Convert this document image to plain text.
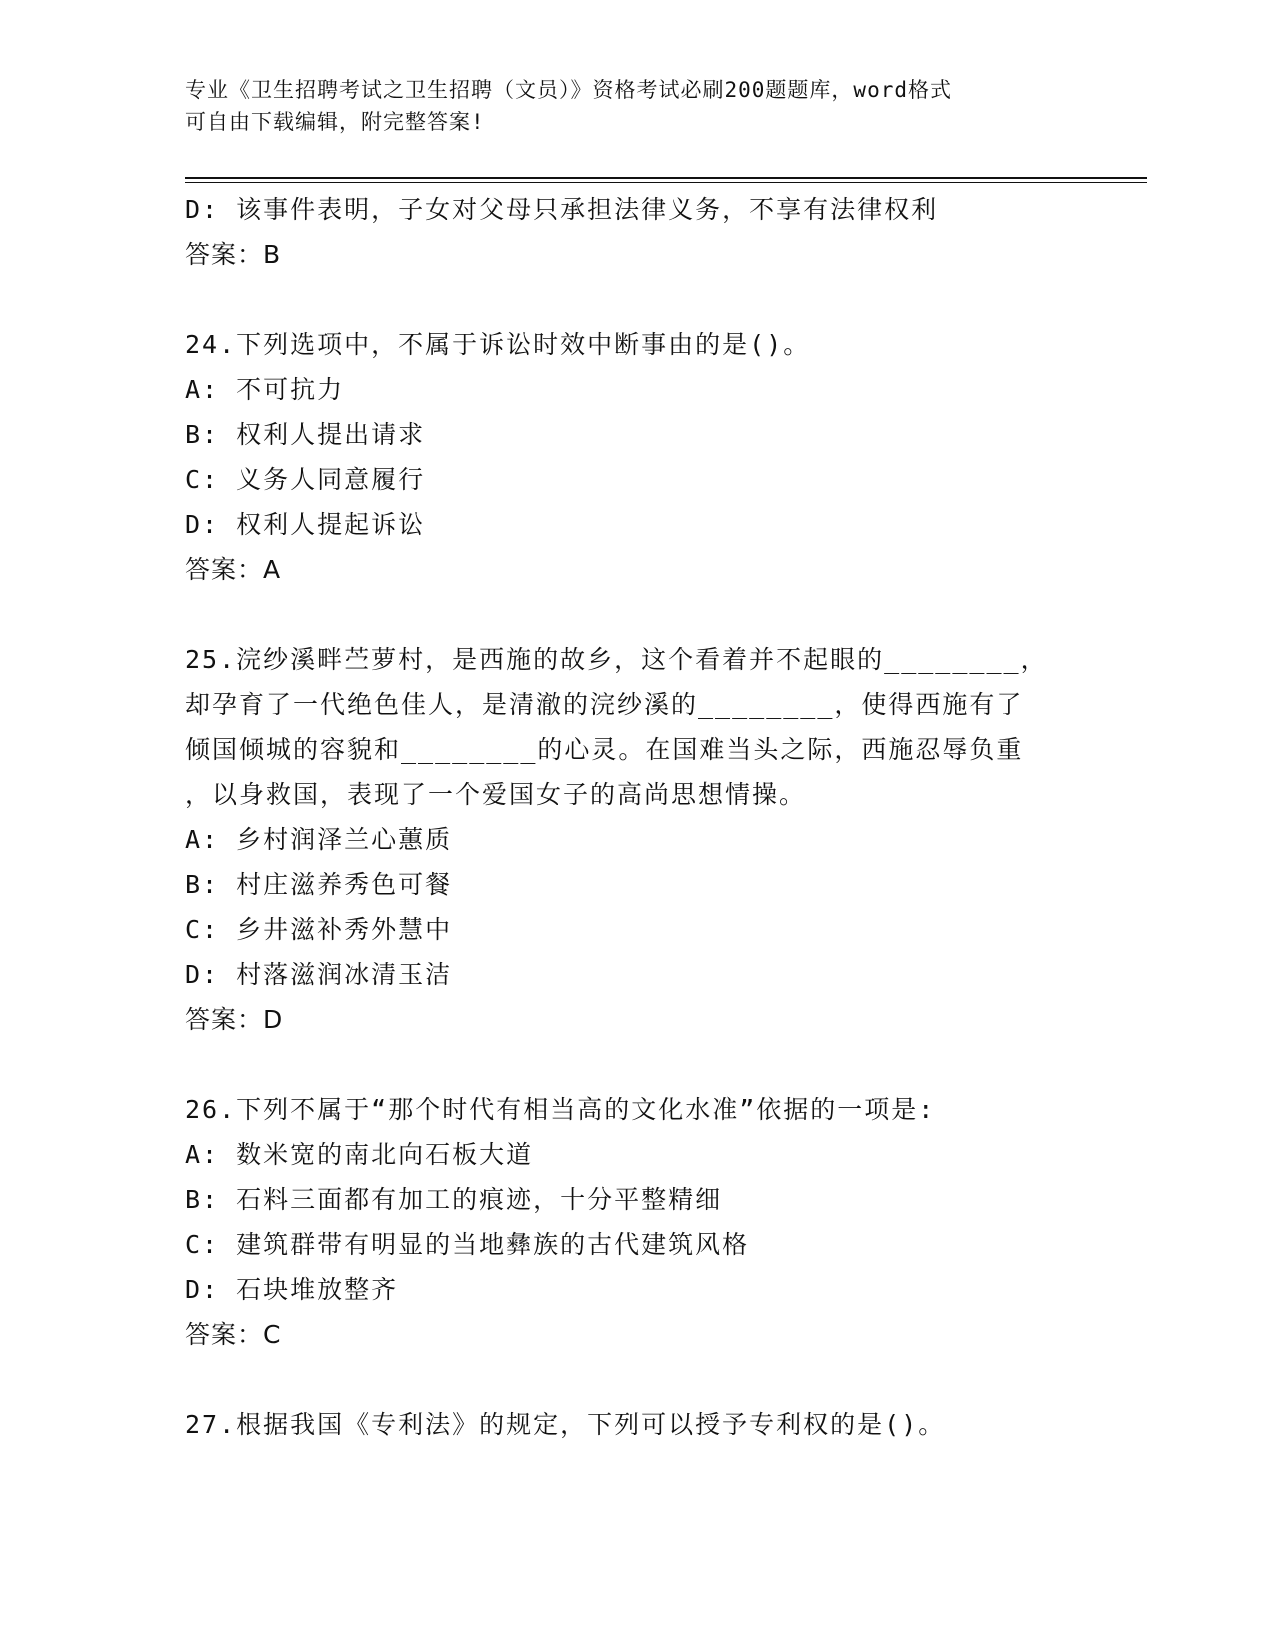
专业《卫生招聘考试之卫生招聘（文员）》资格考试必刷200题题库，word格式
可自由下载编辑，附完整答案!
D: 该事件表明，子女对父母只承担法律义务，不享有法律权利
答案：B
24.下列选项中，不属于诉讼时效中断事由的是()。
A: 不可抗力
B: 权利人提出请求
C: 义务人同意履行
D: 权利人提起诉讼
答案：A
25.浣纱溪畔苎萝村，是西施的故乡，这个看着并不起眼的________，
却孕育了一代绝色佳人，是清澈的浣纱溪的________，使得西施有了
倾国倾城的容貌和________的心灵。在国难当头之际，西施忍辱负重
，以身救国，表现了一个爱国女子的高尚思想情操。
A: 乡村润泽兰心蕙质
B: 村庄滋养秀色可餐
C: 乡井滋补秀外慧中
D: 村落滋润冰清玉洁
答案：D
26.下列不属于“那个时代有相当高的文化水准”依据的一项是:
A: 数米宽的南北向石板大道
B: 石料三面都有加工的痕迹，十分平整精细
C: 建筑群带有明显的当地彝族的古代建筑风格
D: 石块堆放整齐
答案：C
27.根据我国《专利法》的规定，下列可以授予专利权的是()。
